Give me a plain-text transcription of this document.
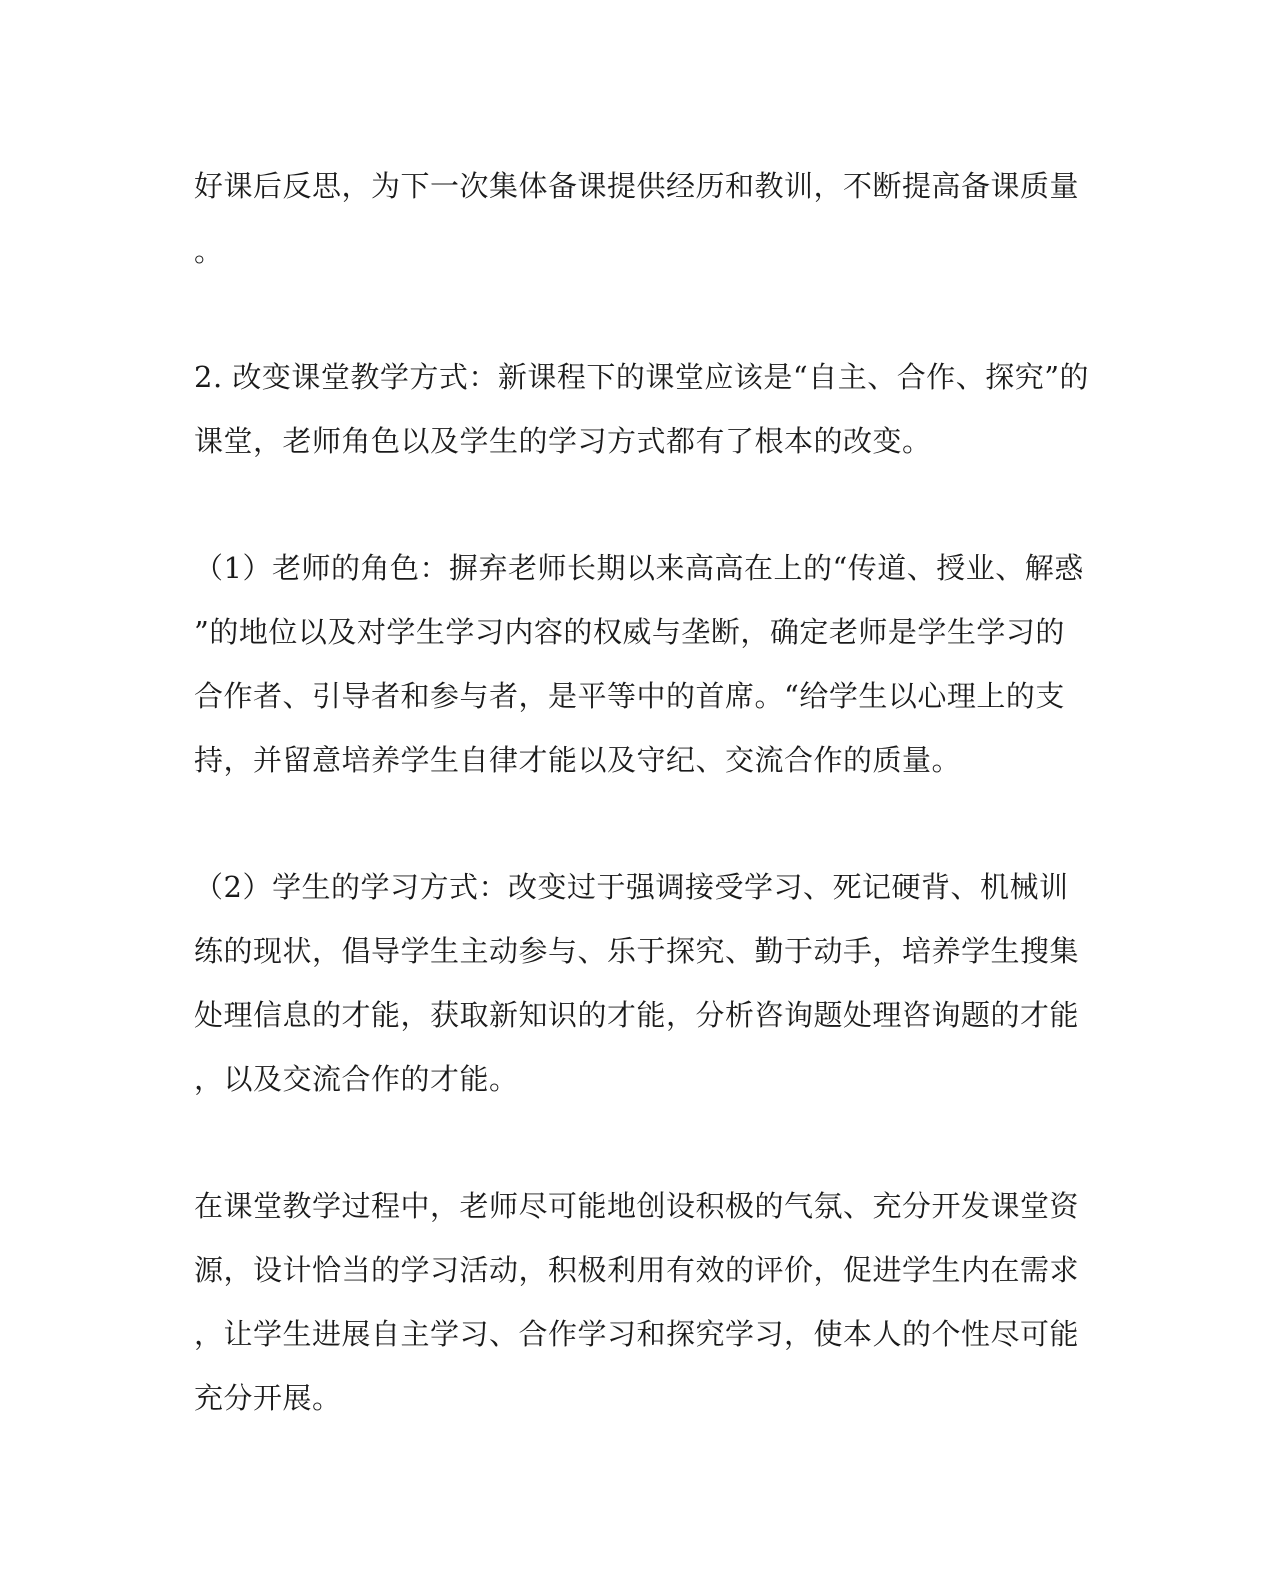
好课后反思，为下一次集体备课提供经历和教训，不断提高备课质量
。
2. 改变课堂教学方式：新课程下的课堂应该是“自主、合作、探究”的
课堂，老师角色以及学生的学习方式都有了根本的改变。
（1）老师的角色：摒弃老师长期以来高高在上的“传道、授业、解惑
”的地位以及对学生学习内容的权威与垄断，确定老师是学生学习的
合作者、引导者和参与者，是平等中的首席。“给学生以心理上的支
持，并留意培养学生自律才能以及守纪、交流合作的质量。
（2）学生的学习方式：改变过于强调接受学习、死记硬背、机械训
练的现状，倡导学生主动参与、乐于探究、勤于动手，培养学生搜集
处理信息的才能，获取新知识的才能，分析咨询题处理咨询题的才能
，以及交流合作的才能。
在课堂教学过程中，老师尽可能地创设积极的气氛、充分开发课堂资
源，设计恰当的学习活动，积极利用有效的评价，促进学生内在需求
，让学生进展自主学习、合作学习和探究学习，使本人的个性尽可能
充分开展。
